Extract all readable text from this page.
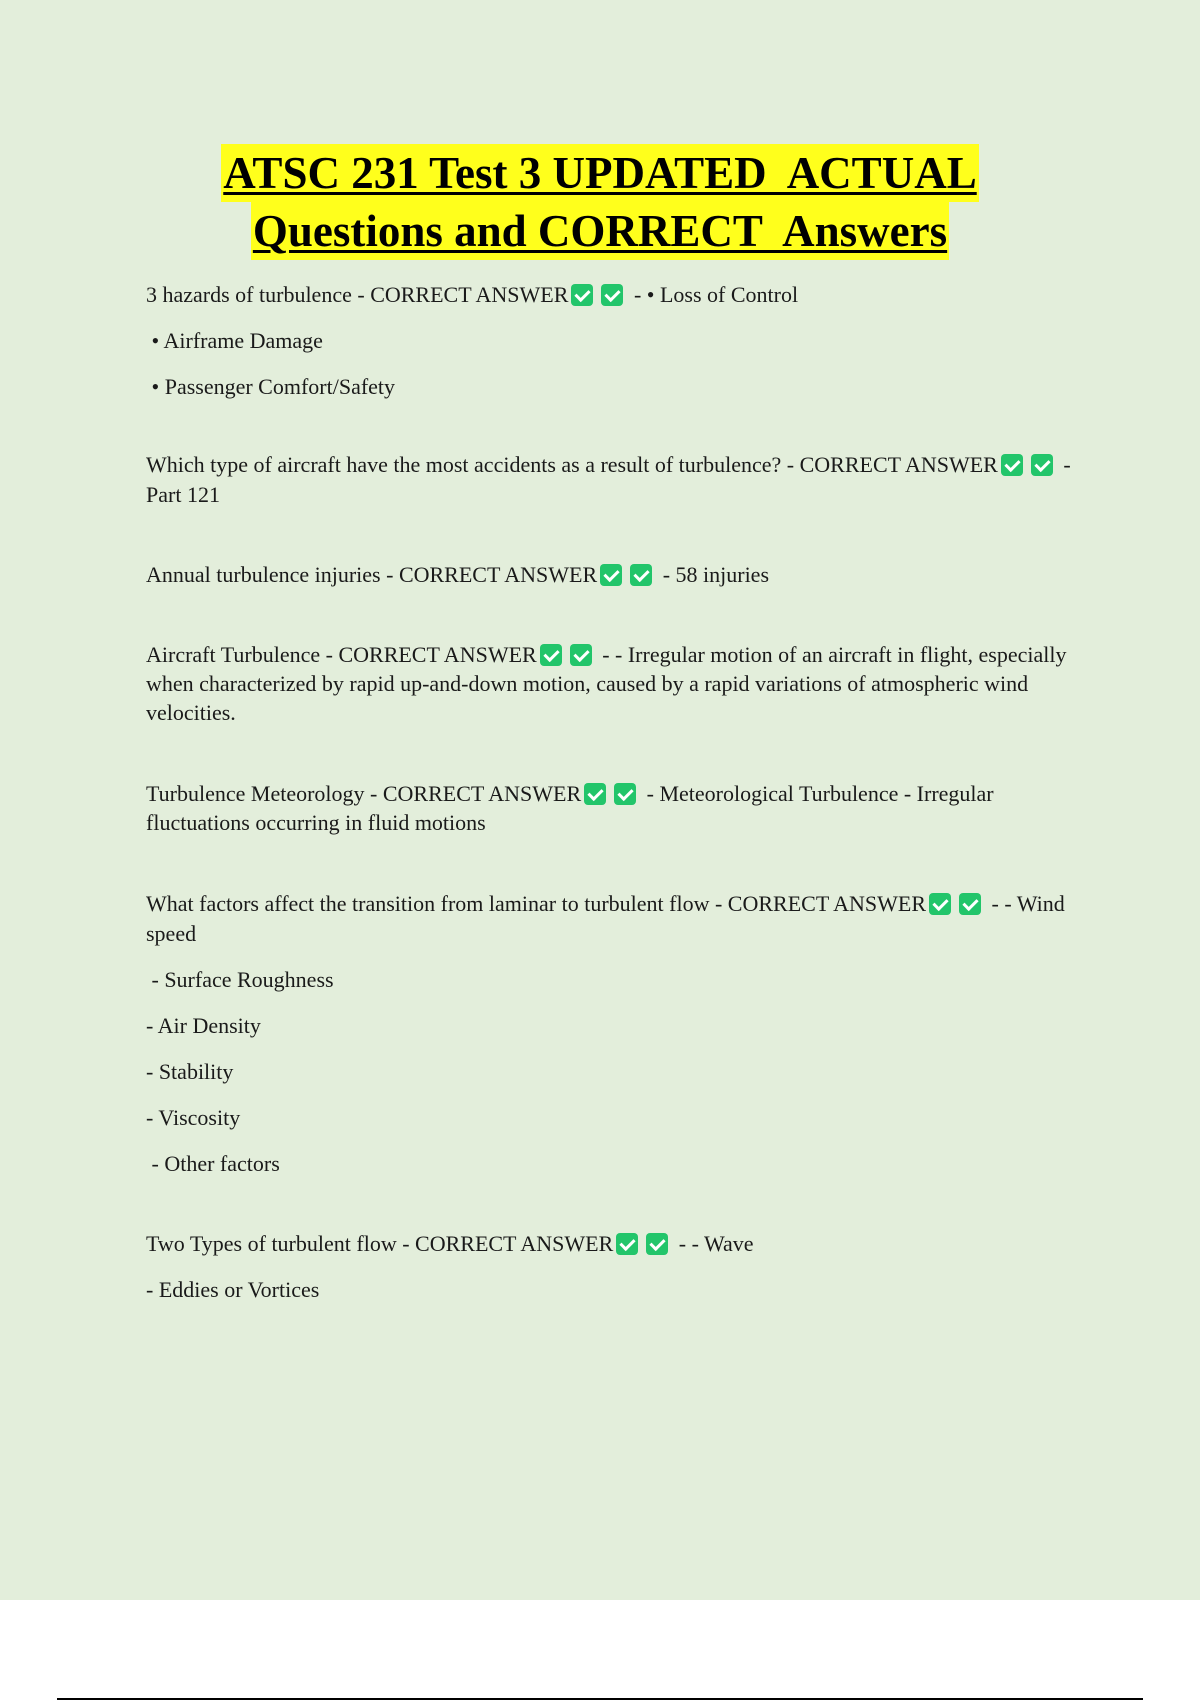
ATSC 231 Test 3 UPDATED  ACTUAL
Questions and CORRECT  Answers

3 hazards of turbulence - CORRECT ANSWER	- • Loss of Control

• Airframe Damage

• Passenger Comfort/Safety

Which type of aircraft have the most accidents as a result of turbulence? - CORRECT ANSWER	- Part 121

Annual turbulence injuries - CORRECT ANSWER	- 58 injuries

Aircraft Turbulence - CORRECT ANSWER	- - Irregular motion of an aircraft in flight, especially when characterized by rapid up-and-down motion, caused by a rapid variations of atmospheric wind velocities.

Turbulence Meteorology - CORRECT ANSWER	- Meteorological Turbulence - Irregular fluctuations occurring in fluid motions

What factors affect the transition from laminar to turbulent flow - CORRECT ANSWER	- - Wind speed

- Surface Roughness

- Air Density

- Stability

- Viscosity

- Other factors

Two Types of turbulent flow - CORRECT ANSWER	- - Wave

- Eddies or Vortices
